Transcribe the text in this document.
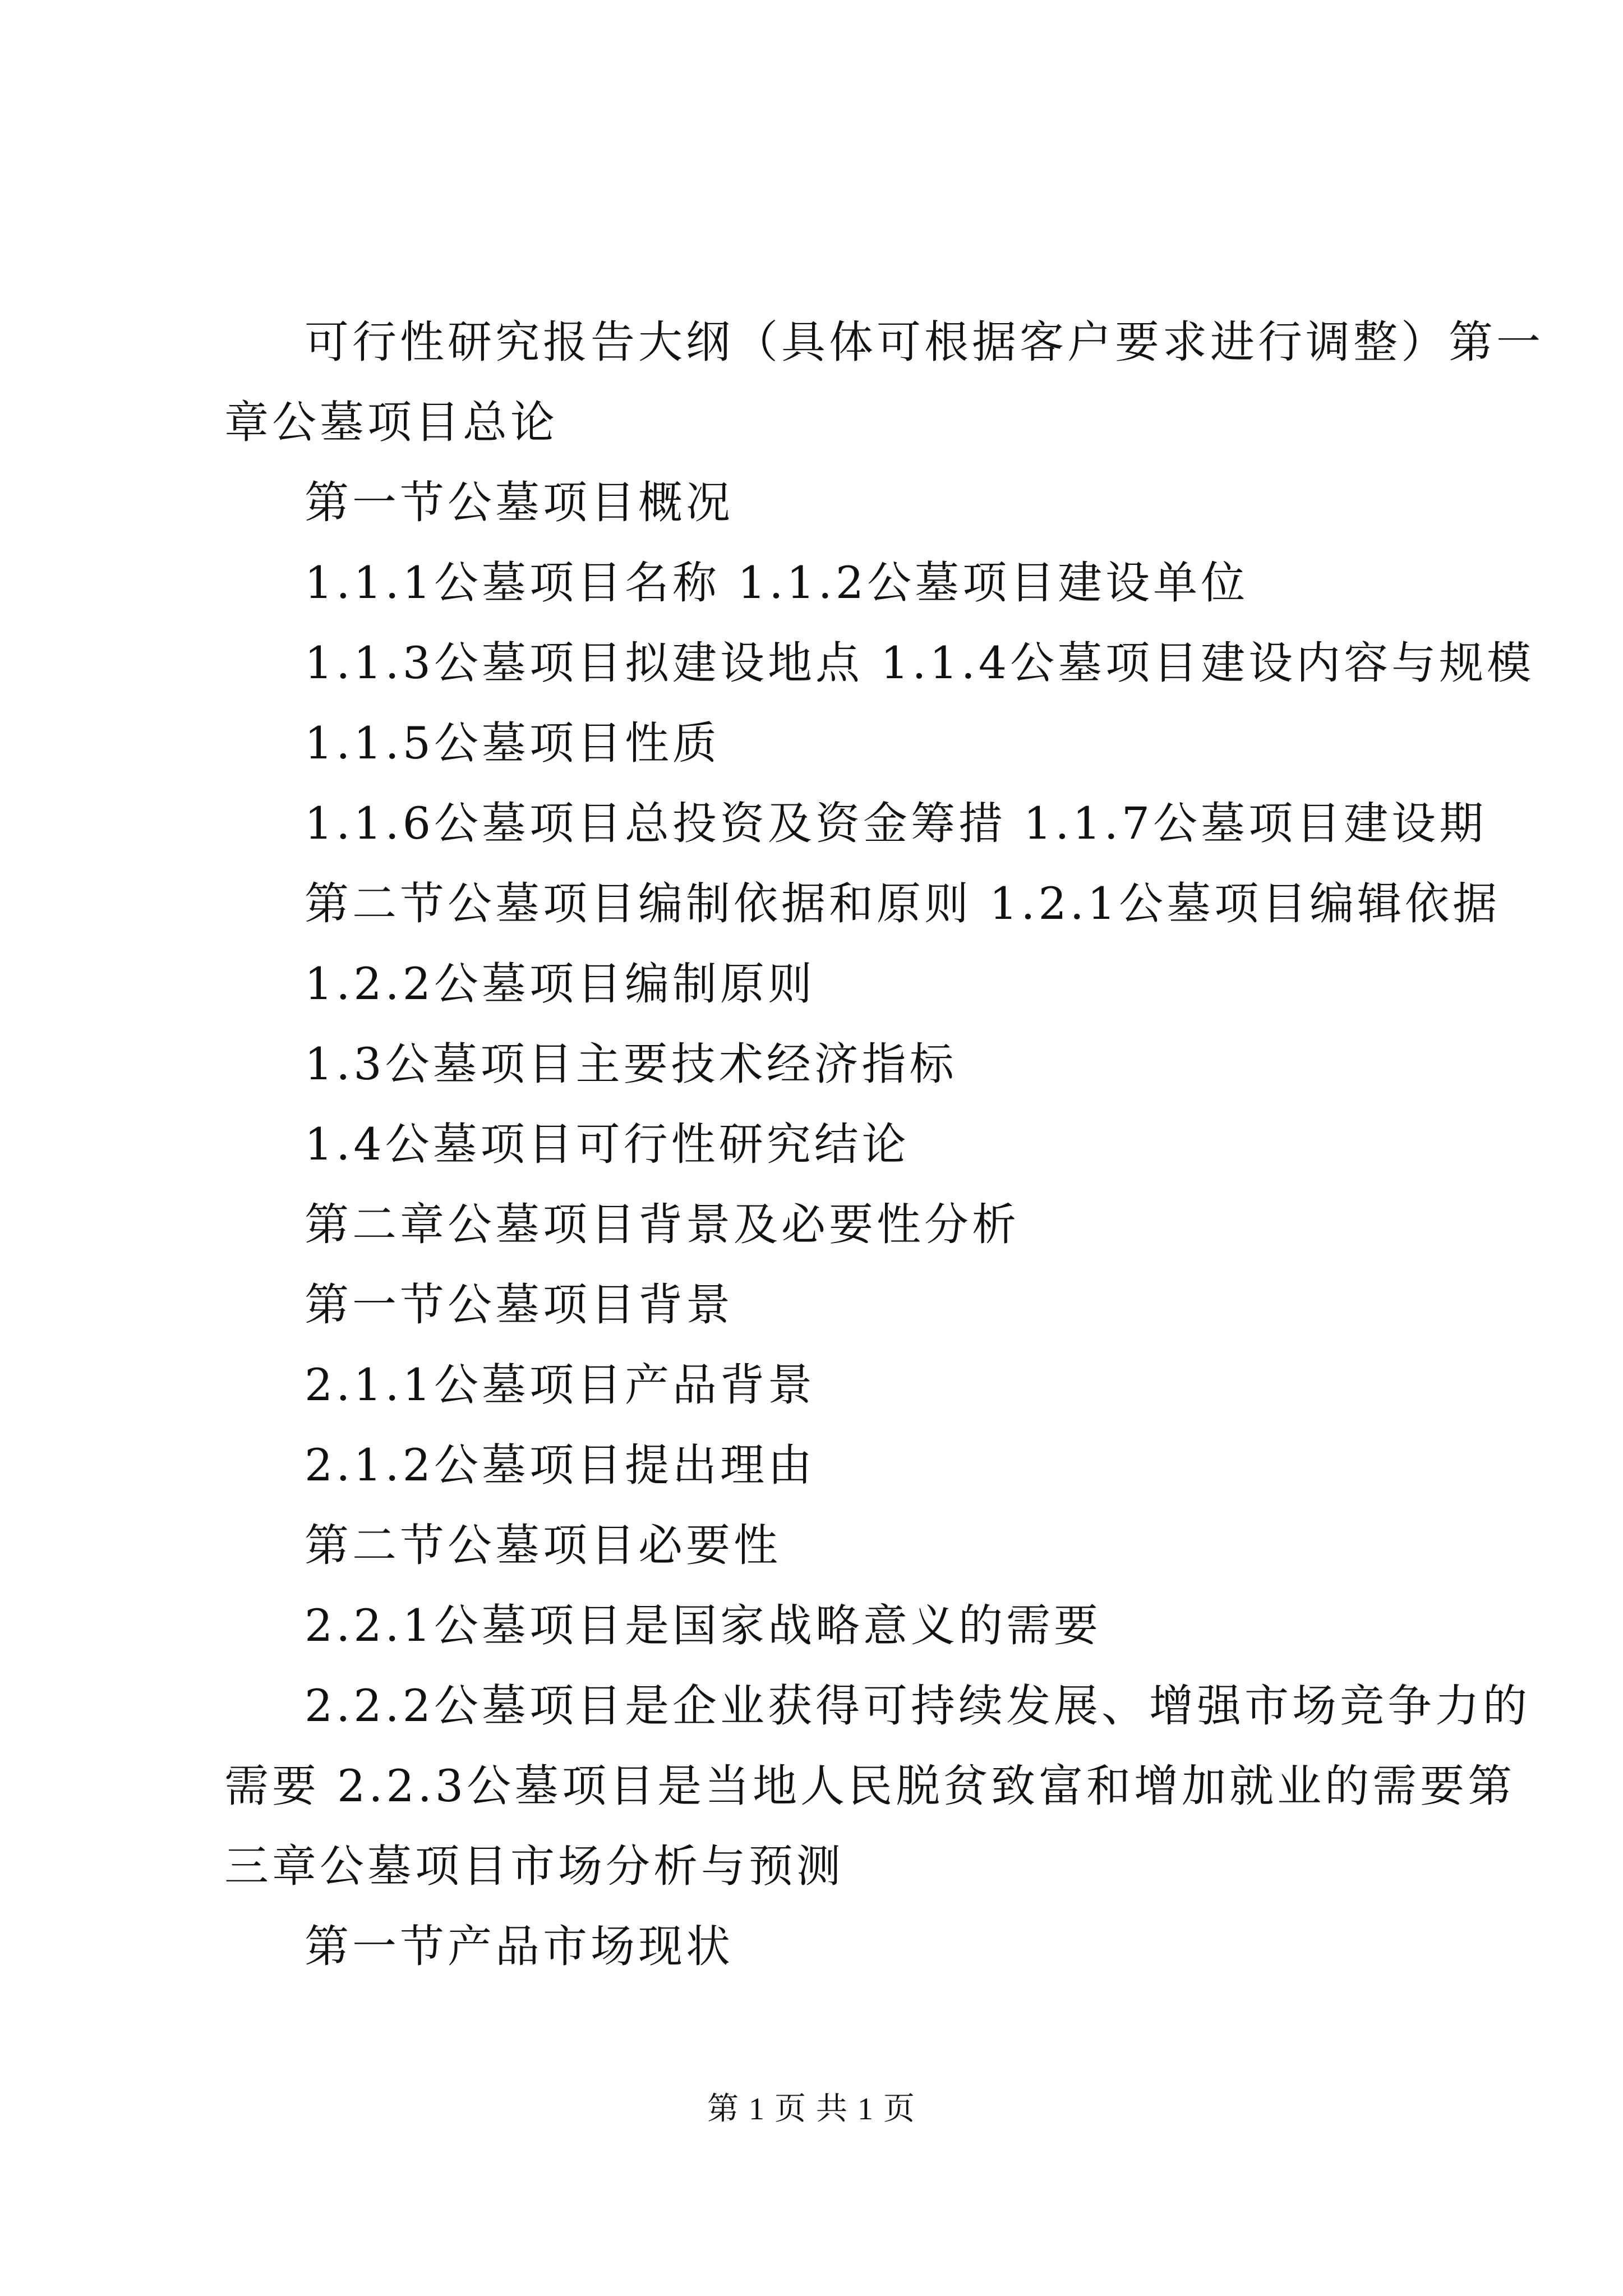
可行性研究报告大纲（具体可根据客户要求进行调整）第一
章公墓项目总论
第一节公墓项目概况
1.1.1公墓项目名称 1.1.2公墓项目建设单位
1.1.3公墓项目拟建设地点 1.1.4公墓项目建设内容与规模
1.1.5公墓项目性质
1.1.6公墓项目总投资及资金筹措 1.1.7公墓项目建设期
第二节公墓项目编制依据和原则 1.2.1公墓项目编辑依据
1.2.2公墓项目编制原则
1.3公墓项目主要技术经济指标
1.4公墓项目可行性研究结论
第二章公墓项目背景及必要性分析
第一节公墓项目背景
2.1.1公墓项目产品背景
2.1.2公墓项目提出理由
第二节公墓项目必要性
2.2.1公墓项目是国家战略意义的需要
2.2.2公墓项目是企业获得可持续发展、增强市场竞争力的
需要 2.2.3公墓项目是当地人民脱贫致富和增加就业的需要第
三章公墓项目市场分析与预测
第一节产品市场现状
第 1 页 共 1 页
